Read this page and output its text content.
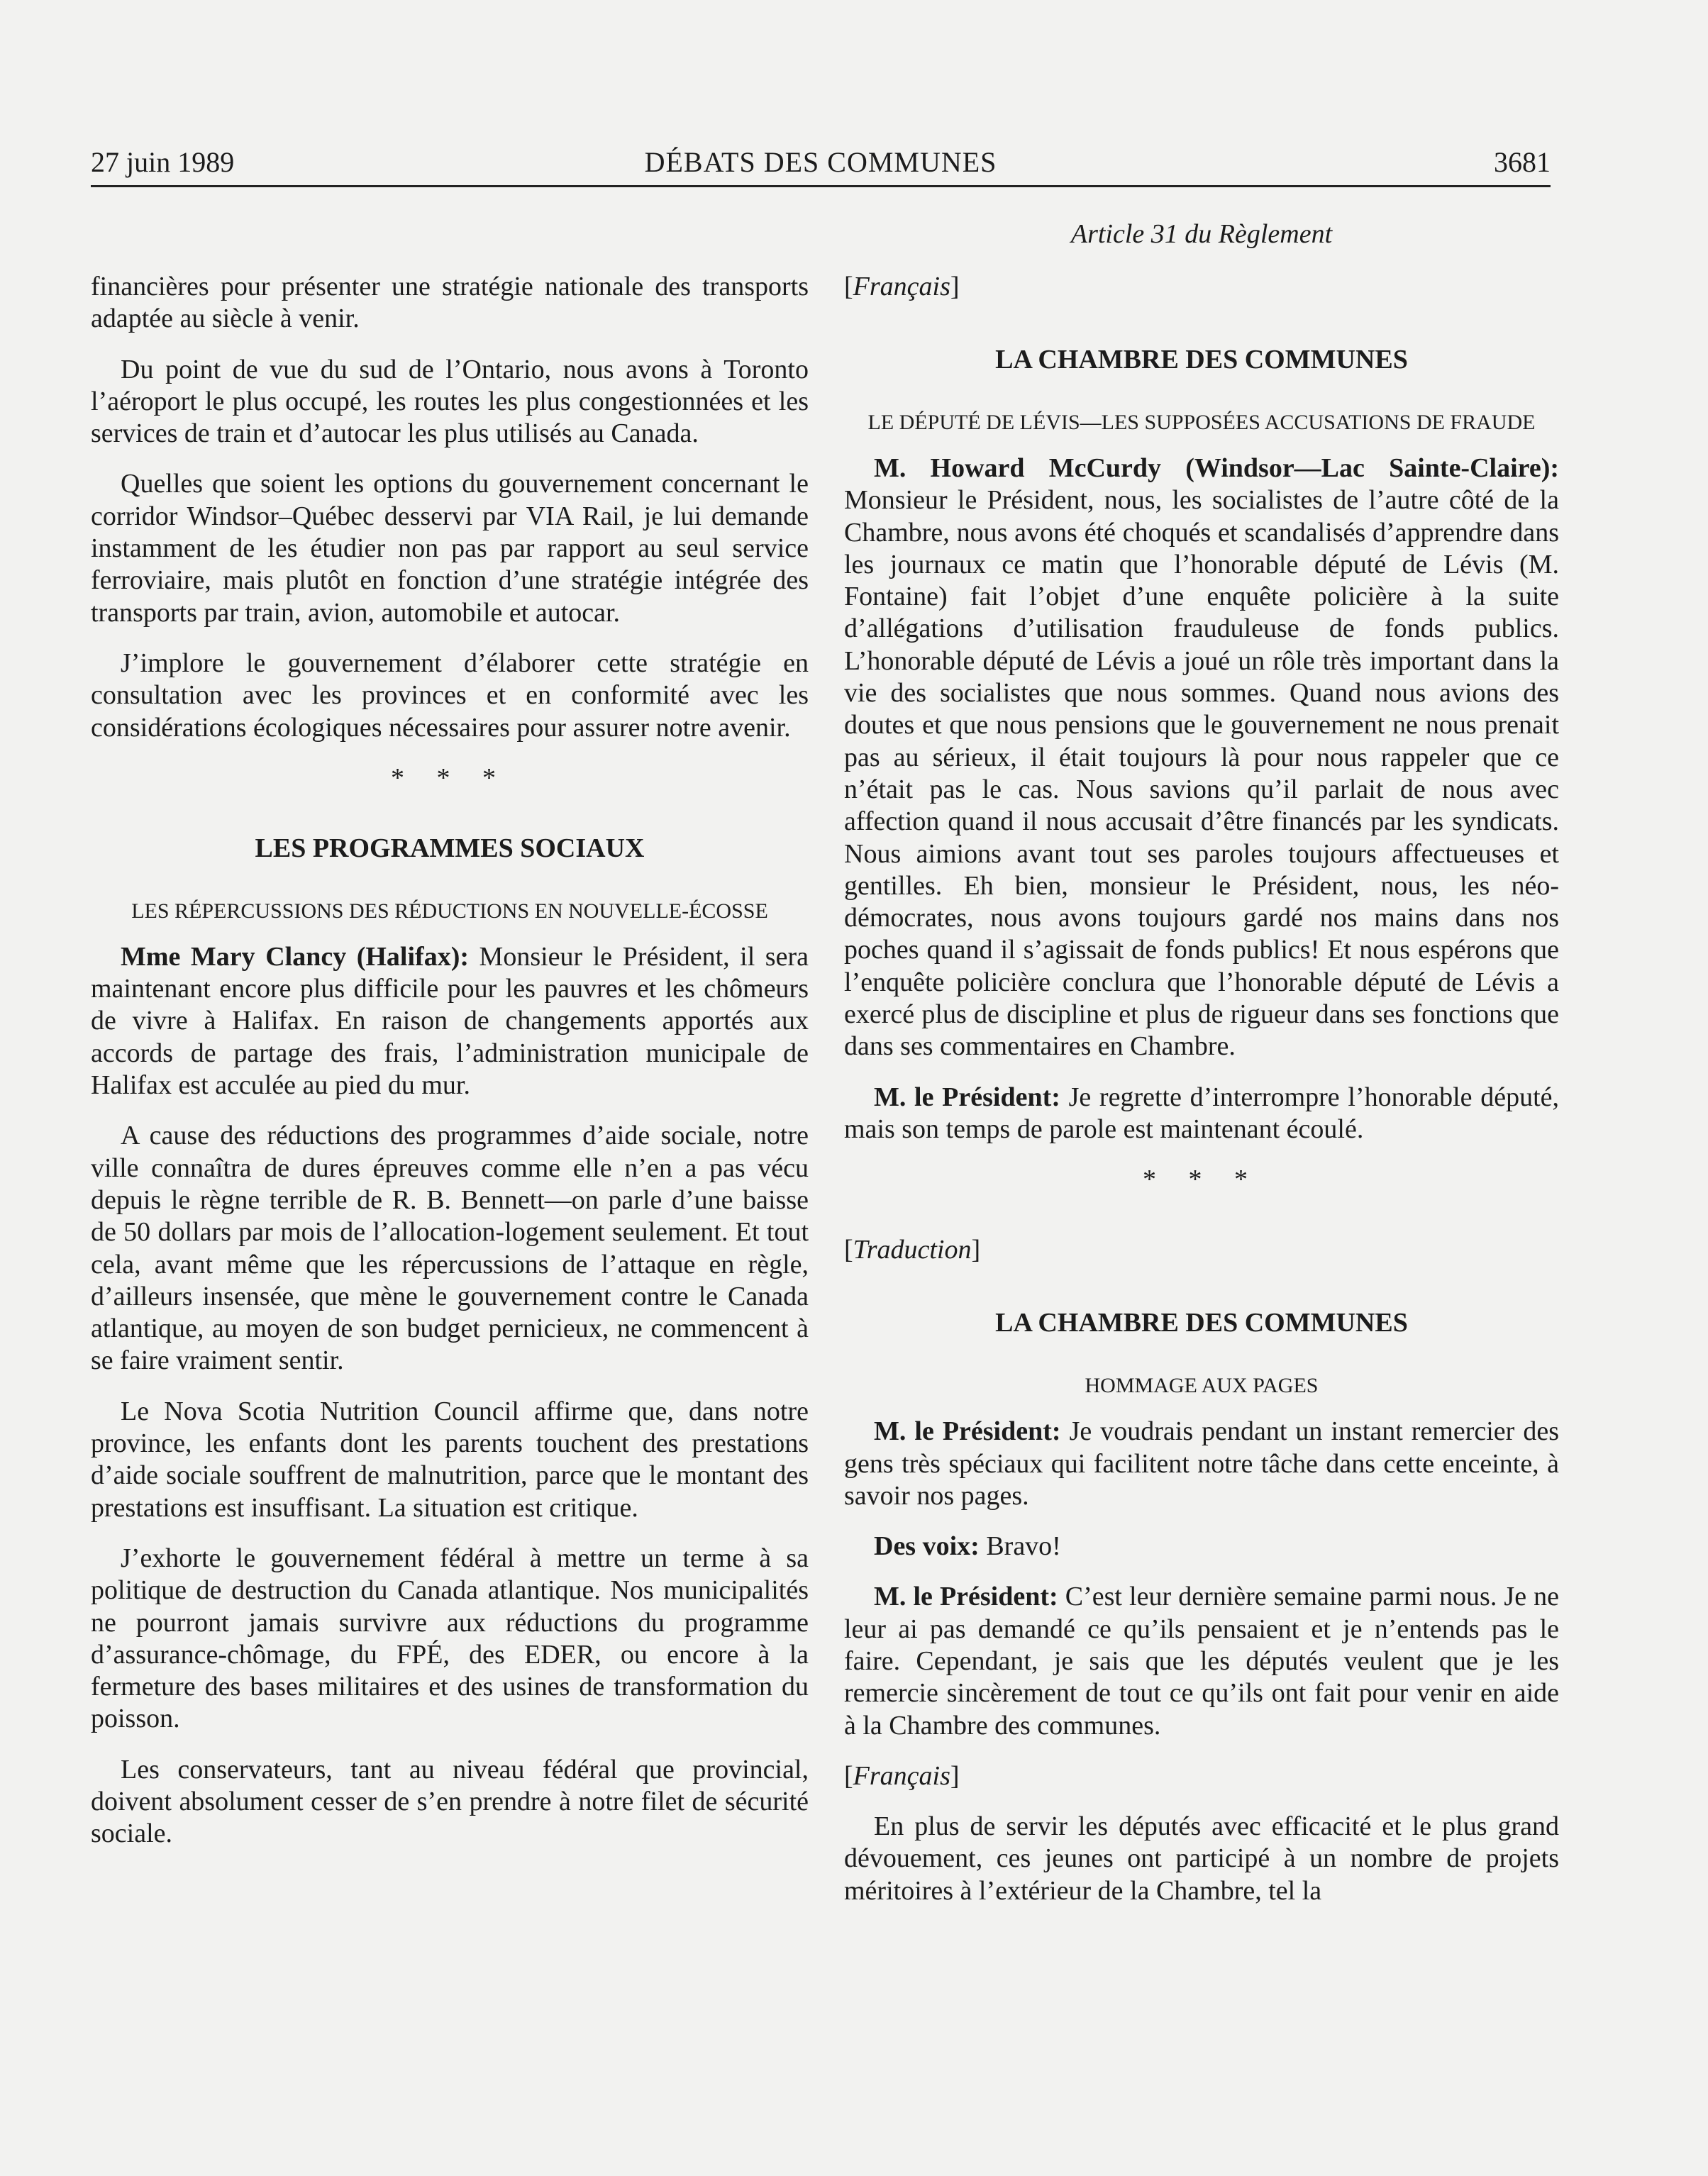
27 juin 1989	DÉBATS DES COMMUNES	3681
Article 31 du Règlement

financières pour présenter une stratégie nationale des transports adaptée au siècle à venir.

Du point de vue du sud de l’Ontario, nous avons à Toronto l’aéroport le plus occupé, les routes les plus congestionnées et les services de train et d’autocar les plus utilisés au Canada.

Quelles que soient les options du gouvernement concernant le corridor Windsor–Québec desservi par VIA Rail, je lui demande instamment de les étudier non pas par rapport au seul service ferroviaire, mais plutôt en fonction d’une stratégie intégrée des transports par train, avion, automobile et autocar.

J’implore le gouvernement d’élaborer cette stratégie en consultation avec les provinces et en conformité avec les considérations écologiques nécessaires pour assurer notre avenir.

* * *
LES PROGRAMMES SOCIAUX
LES RÉPERCUSSIONS DES RÉDUCTIONS EN NOUVELLE-ÉCOSSE

Mme Mary Clancy (Halifax): Monsieur le Président, il sera maintenant encore plus difficile pour les pauvres et les chômeurs de vivre à Halifax. En raison de changements apportés aux accords de partage des frais, l’administration municipale de Halifax est acculée au pied du mur.

A cause des réductions des programmes d’aide sociale, notre ville connaîtra de dures épreuves comme elle n’en a pas vécu depuis le règne terrible de R. B. Bennett—on parle d’une baisse de 50 dollars par mois de l’allocation-logement seulement. Et tout cela, avant même que les répercussions de l’attaque en règle, d’ailleurs insensée, que mène le gouvernement contre le Canada atlantique, au moyen de son budget pernicieux, ne commencent à se faire vraiment sentir.

Le Nova Scotia Nutrition Council affirme que, dans notre province, les enfants dont les parents touchent des prestations d’aide sociale souffrent de malnutrition, parce que le montant des prestations est insuffisant. La situation est critique.

J’exhorte le gouvernement fédéral à mettre un terme à sa politique de destruction du Canada atlantique. Nos municipalités ne pourront jamais survivre aux réductions du programme d’assurance-chômage, du FPÉ, des EDER, ou encore à la fermeture des bases militaires et des usines de transformation du poisson.

Les conservateurs, tant au niveau fédéral que provincial, doivent absolument cesser de s’en prendre à notre filet de sécurité sociale.

[Français]
LA CHAMBRE DES COMMUNES
LE DÉPUTÉ DE LÉVIS—LES SUPPOSÉES ACCUSATIONS DE FRAUDE

M. Howard McCurdy (Windsor—Lac Sainte-Claire): Monsieur le Président, nous, les socialistes de l’autre côté de la Chambre, nous avons été choqués et scandalisés d’apprendre dans les journaux ce matin que l’honorable député de Lévis (M. Fontaine) fait l’objet d’une enquête policière à la suite d’allégations d’utilisation frauduleuse de fonds publics. L’honorable député de Lévis a joué un rôle très important dans la vie des socialistes que nous sommes. Quand nous avions des doutes et que nous pensions que le gouvernement ne nous prenait pas au sérieux, il était toujours là pour nous rappeler que ce n’était pas le cas. Nous savions qu’il parlait de nous avec affection quand il nous accusait d’être financés par les syndicats. Nous aimions avant tout ses paroles toujours affectueuses et gentilles. Eh bien, monsieur le Président, nous, les néo-démocrates, nous avons toujours gardé nos mains dans nos poches quand il s’agissait de fonds publics! Et nous espérons que l’enquête policière conclura que l’honorable député de Lévis a exercé plus de discipline et plus de rigueur dans ses fonctions que dans ses commentaires en Chambre.

M. le Président: Je regrette d’interrompre l’honorable député, mais son temps de parole est maintenant écoulé.

* * *
[Traduction]
LA CHAMBRE DES COMMUNES
HOMMAGE AUX PAGES

M. le Président: Je voudrais pendant un instant remercier des gens très spéciaux qui facilitent notre tâche dans cette enceinte, à savoir nos pages.

Des voix: Bravo!

M. le Président: C’est leur dernière semaine parmi nous. Je ne leur ai pas demandé ce qu’ils pensaient et je n’entends pas le faire. Cependant, je sais que les députés veulent que je les remercie sincèrement de tout ce qu’ils ont fait pour venir en aide à la Chambre des communes.

[Français]

En plus de servir les députés avec efficacité et le plus grand dévouement, ces jeunes ont participé à un nombre de projets méritoires à l’extérieur de la Chambre, tel la
